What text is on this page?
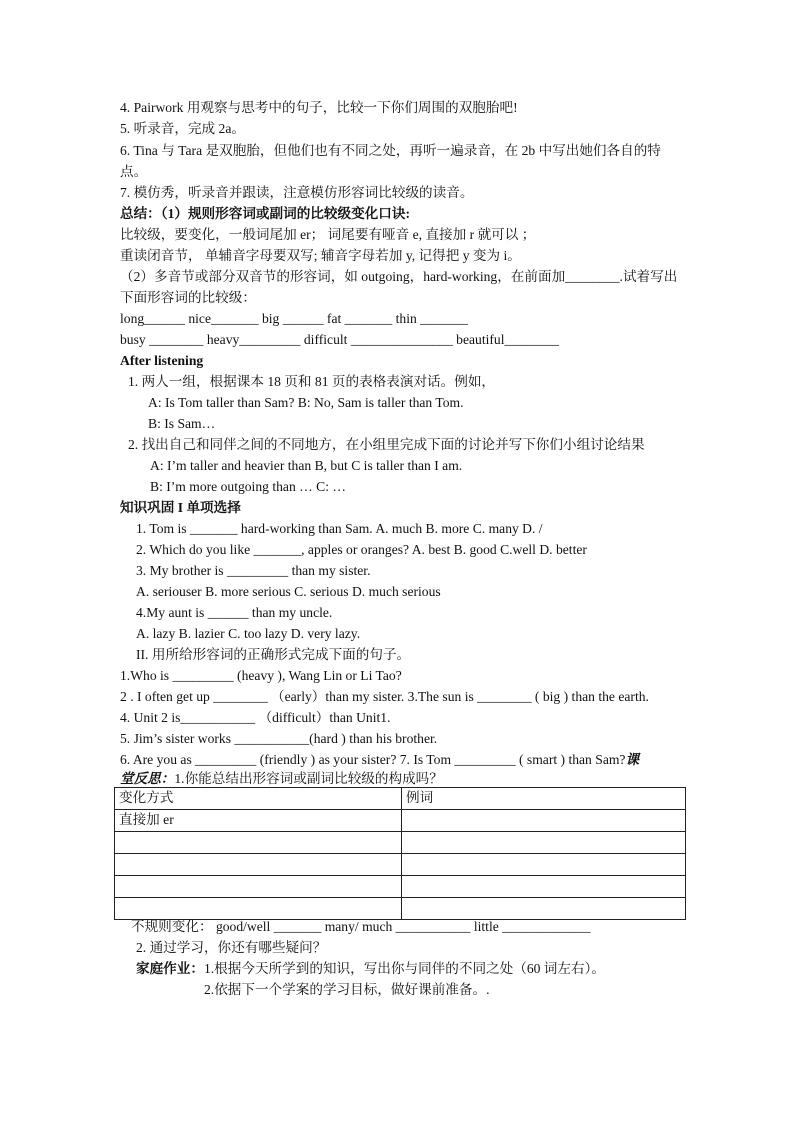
4. Pairwork 用观察与思考中的句子，比较一下你们周围的双胞胎吧!
5. 听录音，完成 2a。
6. Tina 与 Tara 是双胞胎，但他们也有不同之处，再听一遍录音，在 2b 中写出她们各自的特
点。
7. 模仿秀，听录音并跟读，注意模仿形容词比较级的读音。
总结：（1）规则形容词或副词的比较级变化口诀:
比较级，要变化，一般词尾加 er； 词尾要有哑音 e, 直接加 r 就可以 ；
重读闭音节， 单辅音字母要双写; 辅音字母若加 y, 记得把 y 变为 i。
（2）多音节或部分双音节的形容词，如 outgoing，hard-working，在前面加________.试着写出
下面形容词的比较级：
long______ nice_______ big ______ fat _______ thin _______
busy ________ heavy_________ difficult _______________ beautiful________
After listening
1. 两人一组，根据课本 18 页和 81 页的表格表演对话。例如，
A: Is Tom taller than Sam? B: No, Sam is taller than Tom.
B: Is Sam…
2. 找出自己和同伴之间的不同地方，在小组里完成下面的讨论并写下你们小组讨论结果
A: I’m taller and heavier than B, but C is taller than I am.
B: I’m more outgoing than … C: …
知识巩固 I 单项选择
1. Tom is _______ hard-working than Sam. A. much B. more C. many D. /
2. Which do you like _______, apples or oranges? A. best B. good C.well D. better
3. My brother is _________ than my sister.
A. seriouser B. more serious C. serious D. much serious
4.My aunt is ______ than my uncle.
A. lazy B. lazier C. too lazy D. very lazy.
II. 用所给形容词的正确形式完成下面的句子。
1.Who is _________ (heavy ), Wang Lin or Li Tao?
2 . I often get up ________ （early）than my sister. 3.The sun is ________ ( big ) than the earth.
4. Unit 2 is___________ （difficult）than Unit1.
5. Jim’s sister works ___________(hard ) than his brother.
6. Are you as _________ (friendly ) as your sister? 7. Is Tom _________ ( smart ) than Sam?课
堂反思：1.你能总结出形容词或副词比较级的构成吗？
变化方式	例词
直接加 er	

不规则变化： good/well _______ many/ much ___________ little _____________
2. 通过学习，你还有哪些疑问？
家庭作业：1.根据今天所学到的知识，写出你与同伴的不同之处（60 词左右）。
2.依据下一个学案的学习目标，做好课前准备。.
